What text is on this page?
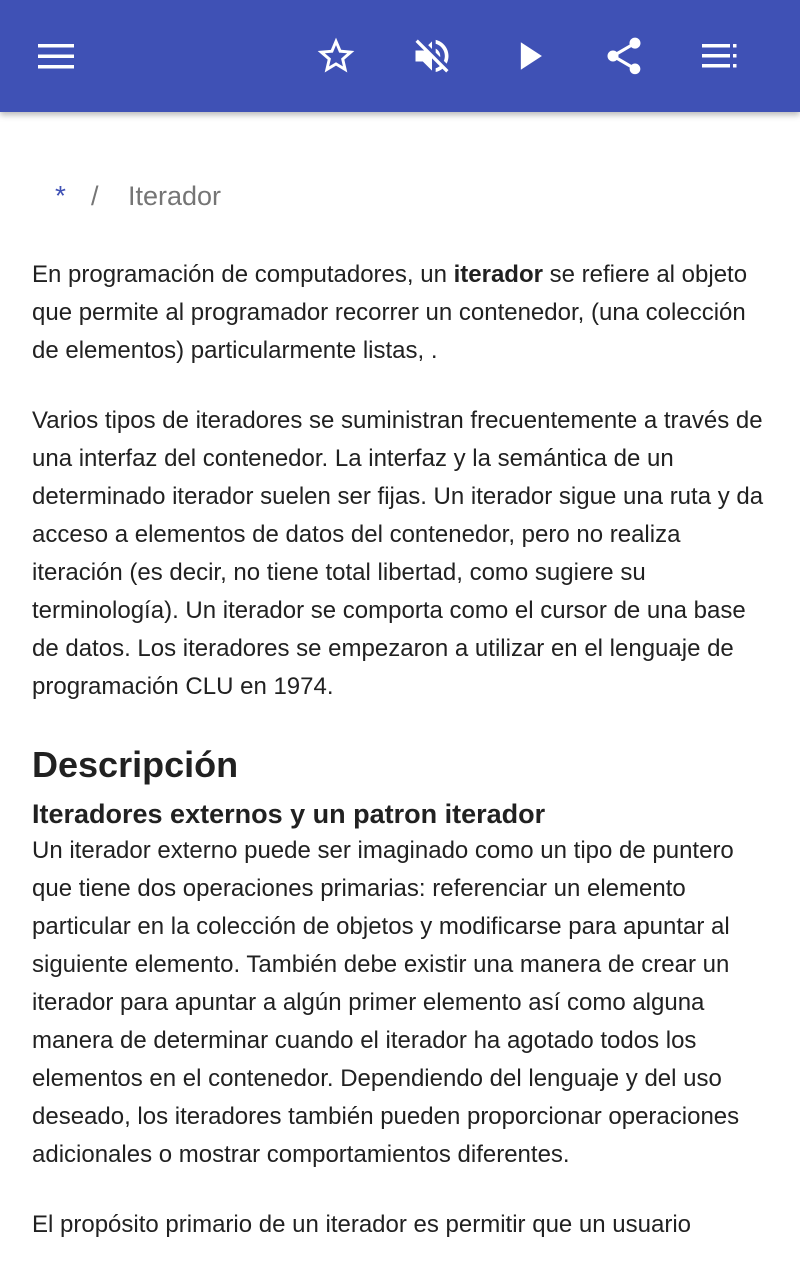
* / Iterador

En programación de computadores, un iterador se refiere al objeto que permite al programador recorrer un contenedor, (una colección de elementos) particularmente listas, .

Varios tipos de iteradores se suministran frecuentemente a través de una interfaz del contenedor. La interfaz y la semántica de un determinado iterador suelen ser fijas. Un iterador sigue una ruta y da acceso a elementos de datos del contenedor, pero no realiza iteración (es decir, no tiene total libertad, como sugiere su terminología). Un iterador se comporta como el cursor de una base de datos. Los iteradores se empezaron a utilizar en el lenguaje de programación CLU en 1974.

Descripción
Iteradores externos y un patron iterador

Un iterador externo puede ser imaginado como un tipo de puntero que tiene dos operaciones primarias: referenciar un elemento particular en la colección de objetos y modificarse para apuntar al siguiente elemento. También debe existir una manera de crear un iterador para apuntar a algún primer elemento así como alguna manera de determinar cuando el iterador ha agotado todos los elementos en el contenedor. Dependiendo del lenguaje y del uso deseado, los iteradores también pueden proporcionar operaciones adicionales o mostrar comportamientos diferentes.

El propósito primario de un iterador es permitir que un usuario
